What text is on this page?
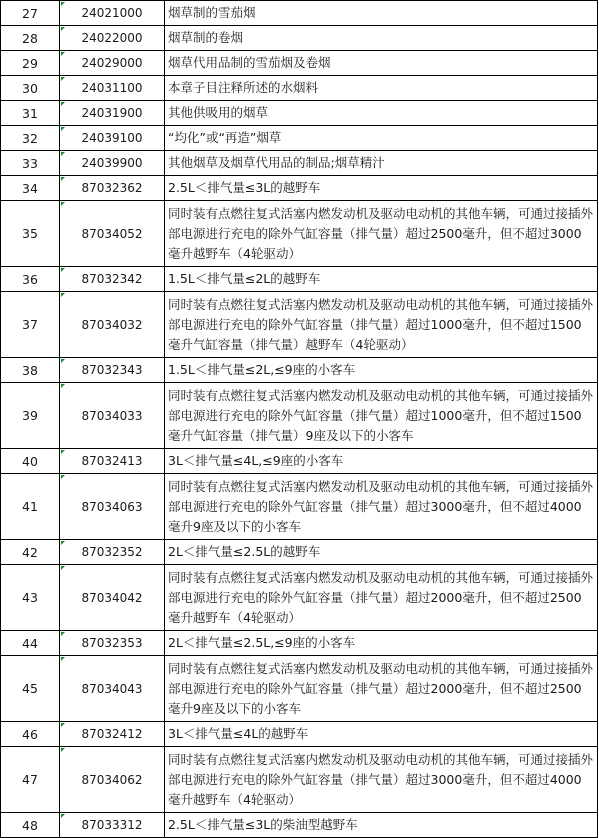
27	24021000	烟草制的雪茄烟
28	24022000	烟草制的卷烟
29	24029000	烟草代用品制的雪茄烟及卷烟
30	24031100	本章子目注释所述的水烟料
31	24031900	其他供吸用的烟草
32	24039100	“均化”或“再造”烟草
33	24039900	其他烟草及烟草代用品的制品;烟草精汁
34	87032362	2.5L＜排气量≤3L的越野车
35	87034052	同时装有点燃往复式活塞内燃发动机及驱动电动机的其他车辆，可通过接插外部电源进行充电的除外气缸容量（排气量）超过2500毫升，但不超过3000毫升越野车（4轮驱动）
36	87032342	1.5L＜排气量≤2L的越野车
37	87034032	同时装有点燃往复式活塞内燃发动机及驱动电动机的其他车辆，可通过接插外部电源进行充电的除外气缸容量（排气量）超过1000毫升，但不超过1500毫升气缸容量（排气量）越野车（4轮驱动）
38	87032343	1.5L＜排气量≤2L,≤9座的小客车
39	87034033	同时装有点燃往复式活塞内燃发动机及驱动电动机的其他车辆，可通过接插外部电源进行充电的除外气缸容量（排气量）超过1000毫升，但不超过1500毫升气缸容量（排气量）9座及以下的小客车
40	87032413	3L＜排气量≤4L,≤9座的小客车
41	87034063	同时装有点燃往复式活塞内燃发动机及驱动电动机的其他车辆，可通过接插外部电源进行充电的除外气缸容量（排气量）超过3000毫升，但不超过4000毫升9座及以下的小客车
42	87032352	2L＜排气量≤2.5L的越野车
43	87034042	同时装有点燃往复式活塞内燃发动机及驱动电动机的其他车辆，可通过接插外部电源进行充电的除外气缸容量（排气量）超过2000毫升，但不超过2500毫升越野车（4轮驱动）
44	87032353	2L＜排气量≤2.5L,≤9座的小客车
45	87034043	同时装有点燃往复式活塞内燃发动机及驱动电动机的其他车辆，可通过接插外部电源进行充电的除外气缸容量（排气量）超过2000毫升，但不超过2500毫升9座及以下的小客车
46	87032412	3L＜排气量≤4L的越野车
47	87034062	同时装有点燃往复式活塞内燃发动机及驱动电动机的其他车辆，可通过接插外部电源进行充电的除外气缸容量（排气量）超过3000毫升，但不超过4000毫升越野车（4轮驱动）
48	87033312	2.5L＜排气量≤3L的柴油型越野车
